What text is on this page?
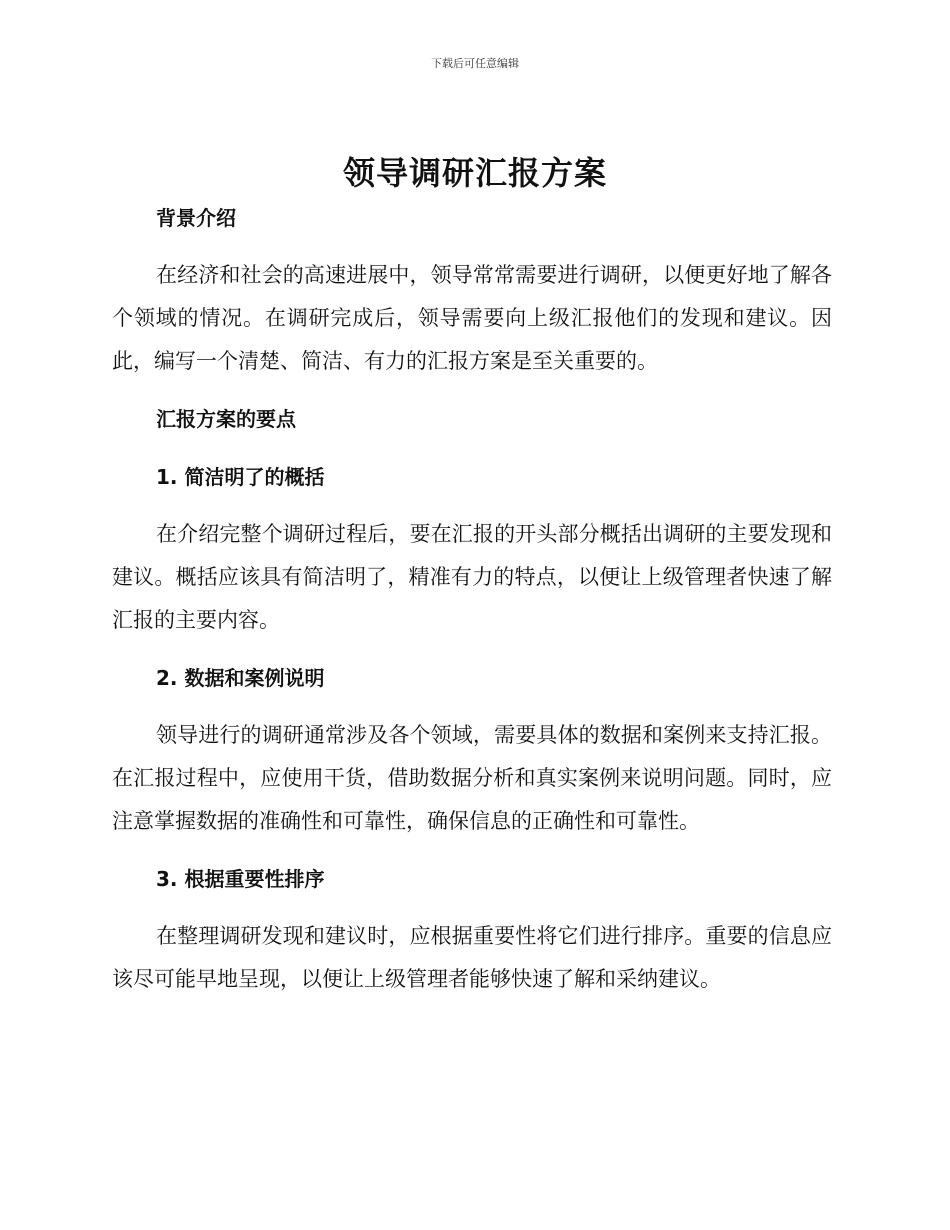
下载后可任意编辑
领导调研汇报方案

背景介绍

在经济和社会的高速进展中，领导常常需要进行调研，以便更好地了解各个领域的情况。在调研完成后，领导需要向上级汇报他们的发现和建议。因此，编写一个清楚、简洁、有力的汇报方案是至关重要的。

汇报方案的要点

1. 简洁明了的概括

在介绍完整个调研过程后，要在汇报的开头部分概括出调研的主要发现和建议。概括应该具有简洁明了，精准有力的特点，以便让上级管理者快速了解汇报的主要内容。

2. 数据和案例说明

领导进行的调研通常涉及各个领域，需要具体的数据和案例来支持汇报。在汇报过程中，应使用干货，借助数据分析和真实案例来说明问题。同时，应注意掌握数据的准确性和可靠性，确保信息的正确性和可靠性。

3. 根据重要性排序

在整理调研发现和建议时，应根据重要性将它们进行排序。重要的信息应该尽可能早地呈现，以便让上级管理者能够快速了解和采纳建议。
